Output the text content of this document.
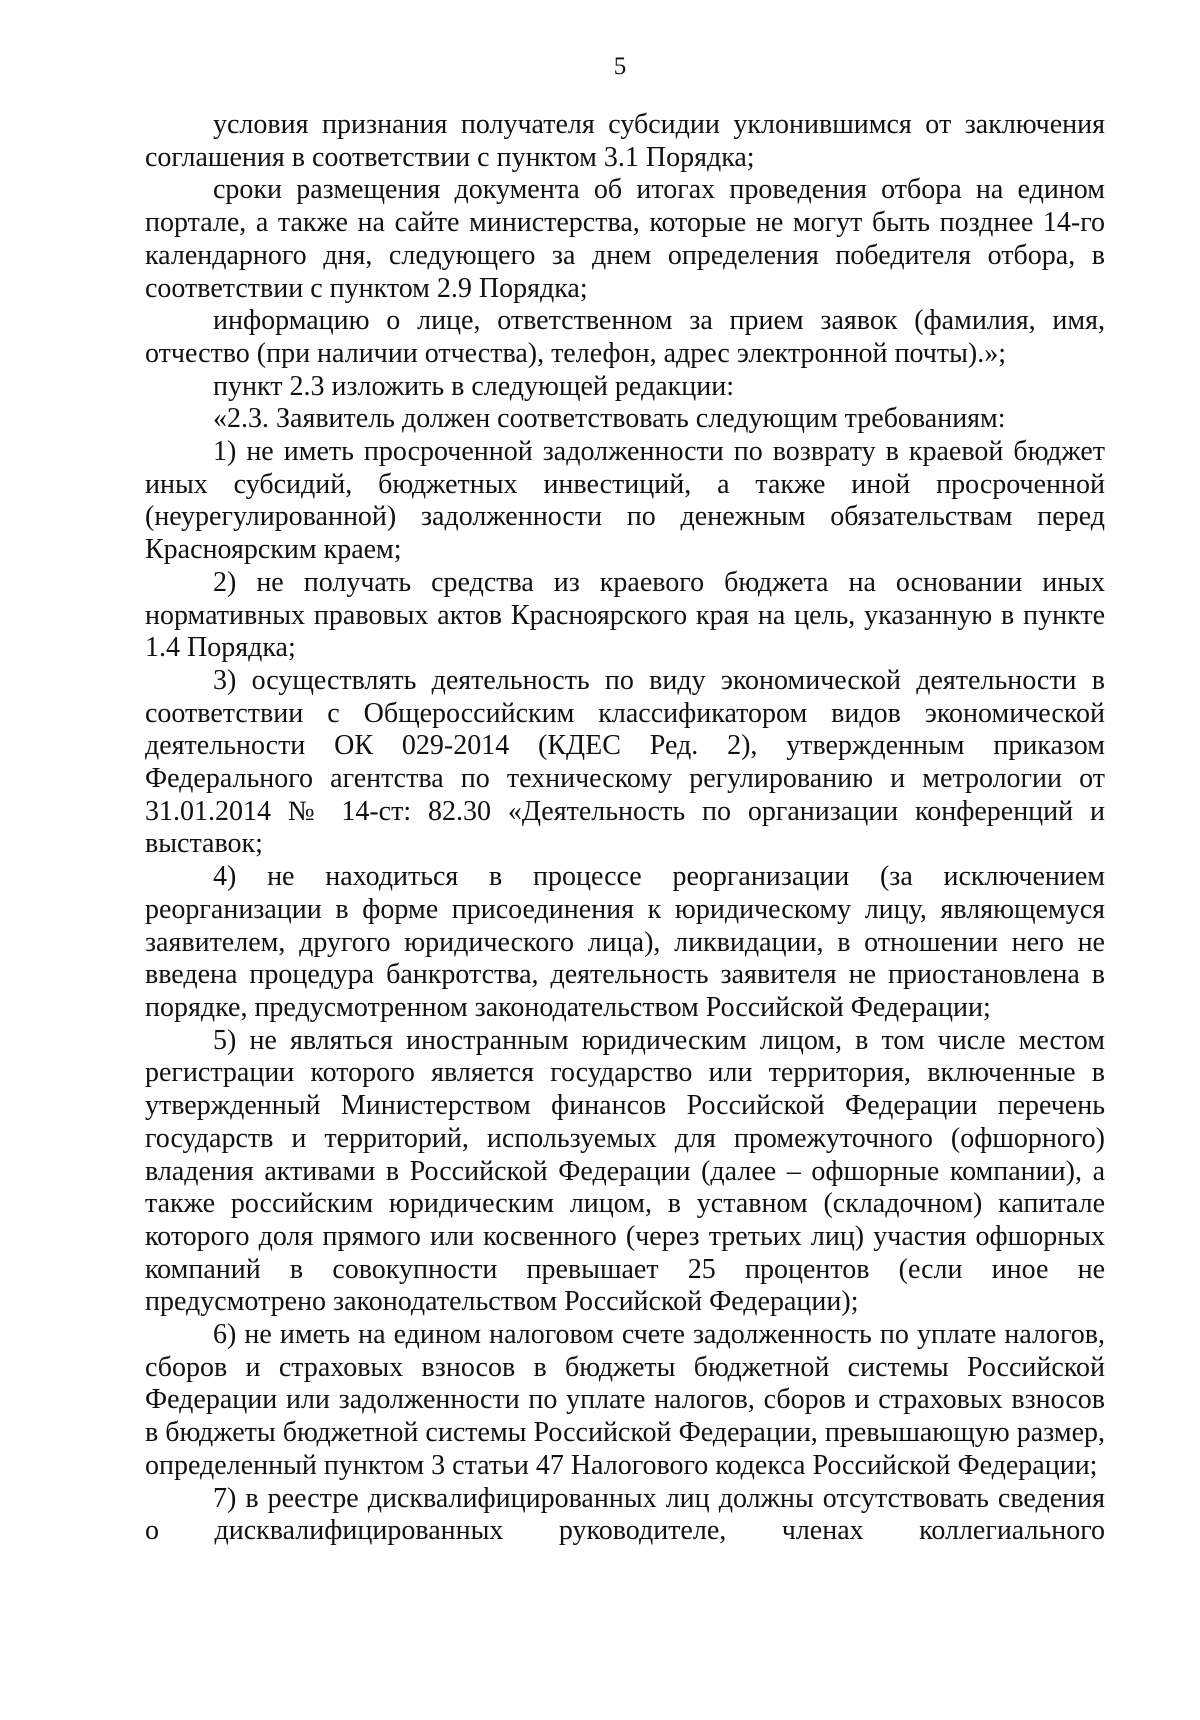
5

условия признания получателя субсидии уклонившимся от заключения соглашения в соответствии с пунктом 3.1 Порядка;

сроки размещения документа об итогах проведения отбора на едином портале, а также на сайте министерства, которые не могут быть позднее 14-го календарного дня, следующего за днем определения победителя отбора, в соответствии с пунктом 2.9 Порядка;

информацию о лице, ответственном за прием заявок (фамилия, имя, отчество (при наличии отчества), телефон, адрес электронной почты).»;

пункт 2.3 изложить в следующей редакции:

«2.3. Заявитель должен соответствовать следующим требованиям:

1) не иметь просроченной задолженности по возврату в краевой бюджет иных субсидий, бюджетных инвестиций, а также иной просроченной (неурегулированной) задолженности по денежным обязательствам перед Красноярским краем;

2) не получать средства из краевого бюджета на основании иных нормативных правовых актов Красноярского края на цель, указанную в пункте 1.4 Порядка;

3) осуществлять деятельность по виду экономической деятельности в соответствии с Общероссийским классификатором видов экономической деятельности ОК 029-2014 (КДЕС Ред. 2), утвержденным приказом Федерального агентства по техническому регулированию и метрологии от 31.01.2014 № 14-ст: 82.30 «Деятельность по организации конференций и выставок;

4) не находиться в процессе реорганизации (за исключением реорганизации в форме присоединения к юридическому лицу, являющемуся заявителем, другого юридического лица), ликвидации, в отношении него не введена процедура банкротства, деятельность заявителя не приостановлена в порядке, предусмотренном законодательством Российской Федерации;

5) не являться иностранным юридическим лицом, в том числе местом регистрации которого является государство или территория, включенные в утвержденный Министерством финансов Российской Федерации перечень государств и территорий, используемых для промежуточного (офшорного) владения активами в Российской Федерации (далее – офшорные компании), а также российским юридическим лицом, в уставном (складочном) капитале которого доля прямого или косвенного (через третьих лиц) участия офшорных компаний в совокупности превышает 25 процентов (если иное не предусмотрено законодательством Российской Федерации);

6) не иметь на едином налоговом счете задолженность по уплате налогов, сборов и страховых взносов в бюджеты бюджетной системы Российской Федерации или задолженности по уплате налогов, сборов и страховых взносов в бюджеты бюджетной системы Российской Федерации, превышающую размер, определенный пунктом 3 статьи 47 Налогового кодекса Российской Федерации;

7) в реестре дисквалифицированных лиц должны отсутствовать сведения о дисквалифицированных руководителе, членах коллегиального
